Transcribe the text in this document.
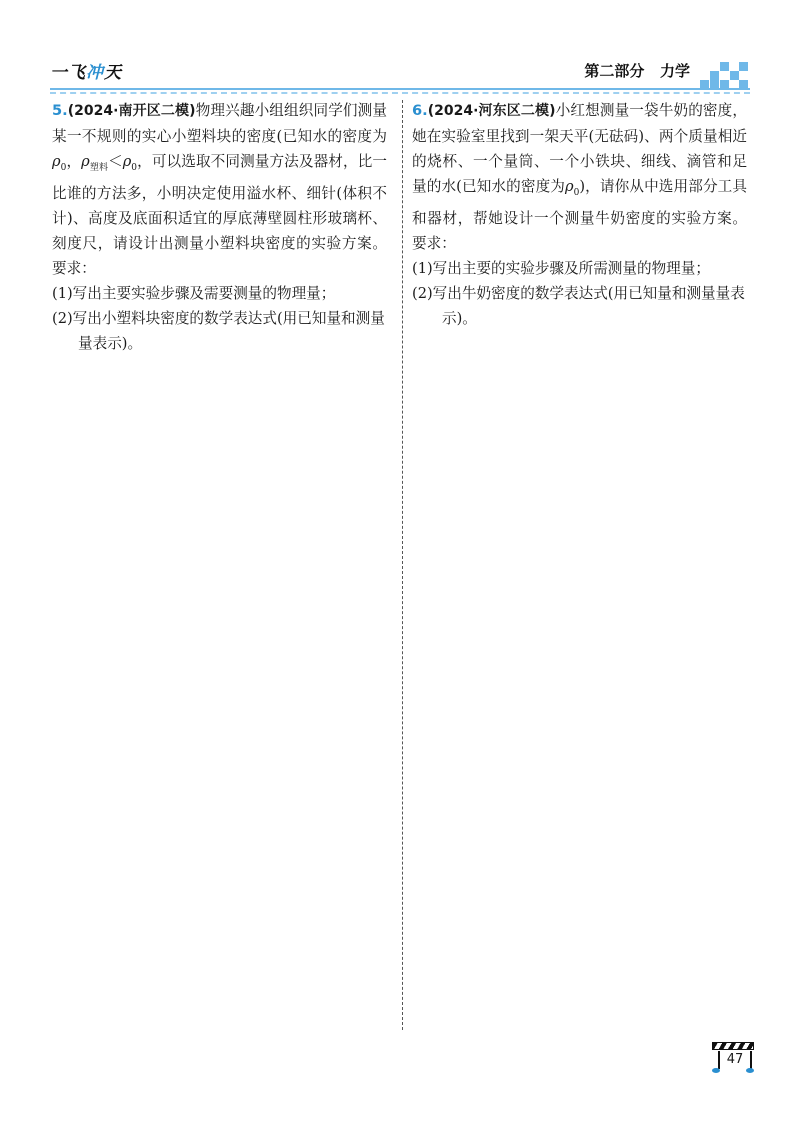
一飞冲天	第二部分   力学
5.(2024·南开区二模)物理兴趣小组组织同学们测量某一不规则的实心小塑料块的密度(已知水的密度为$\rho_0$，$\rho_{塑料}<\rho_0$，可以选取不同测量方法及器材，比一比谁的方法多，小明决定使用溢水杯、细针(体积不计)、高度及底面积适宜的厚底薄壁圆柱形玻璃杯、刻度尺，请设计出测量小塑料块密度的实验方案。要求：
(1)写出主要实验步骤及需要测量的物理量；
(2)写出小塑料块密度的数学表达式(用已知量和测量量表示)。
6.(2024·河东区二模)小红想测量一袋牛奶的密度，她在实验室里找到一架天平(无砝码)、两个质量相近的烧杯、一个量筒、一个小铁块、细线、滴管和足量的水(已知水的密度为$\rho_0$)，请你从中选用部分工具和器材，帮她设计一个测量牛奶密度的实验方案。要求：
(1)写出主要的实验步骤及所需测量的物理量；
(2)写出牛奶密度的数学表达式(用已知量和测量量表示)。
47
